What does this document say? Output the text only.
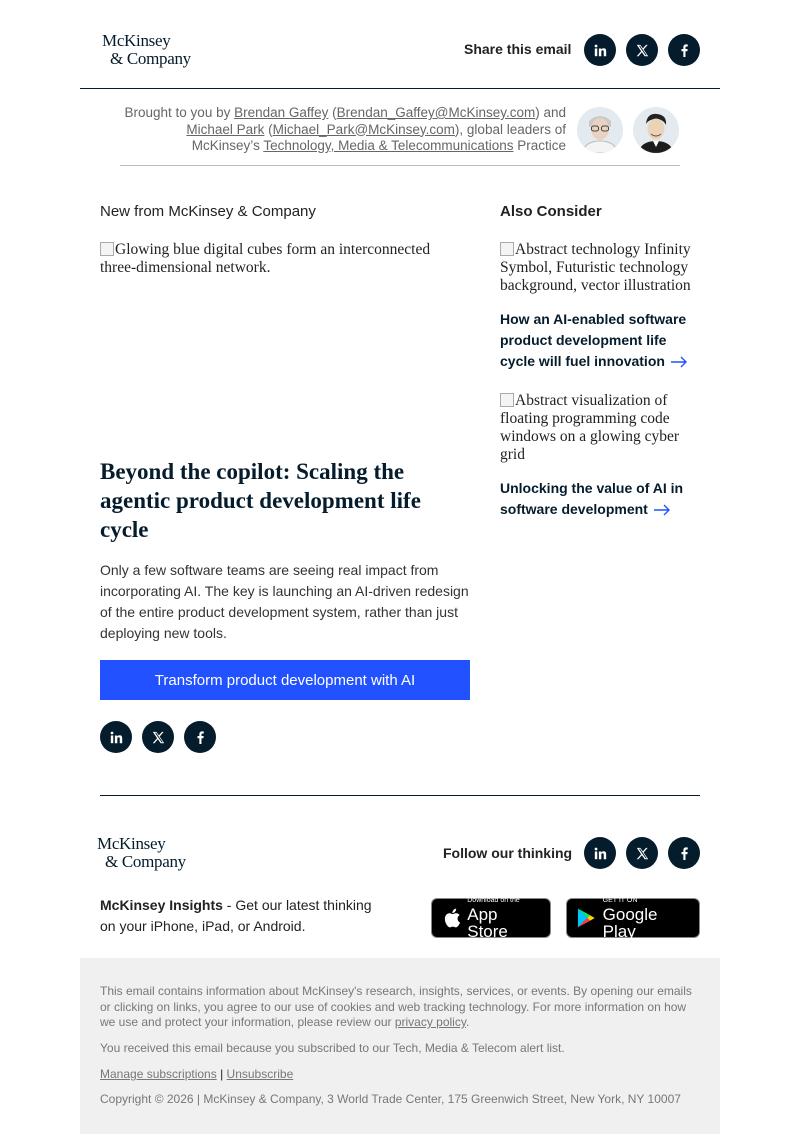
McKinsey
& Company	Share this email
Brought to you by Brendan Gaffey (Brendan_Gaffey@McKinsey.com) and Michael Park (Michael_Park@McKinsey.com), global leaders of McKinsey’s Technology, Media & Telecommunications Practice
New from McKinsey & Company
Glowing blue digital cubes form an interconnected three-dimensional network.
Beyond the copilot: Scaling the agentic product development life cycle
Only a few software teams are seeing real impact from incorporating AI. The key is launching an AI-driven redesign of the entire product development system, rather than just deploying new tools.
Transform product development with AI
Also Consider
Abstract technology Infinity Symbol, Futuristic technology background, vector illustration
How an AI-enabled software product development life cycle will fuel innovation
Abstract visualization of floating programming code windows on a glowing cyber grid
Unlocking the value of AI in software development
McKinsey
& Company	Follow our thinking
McKinsey Insights - Get our latest thinking on your iPhone, iPad, or Android.
Download on the
App Store
GET IT ON
Google Play

This email contains information about McKinsey's research, insights, services, or events. By opening our emails or clicking on links, you agree to our use of cookies and web tracking technology. For more information on how we use and protect your information, please review our privacy policy.

You received this email because you subscribed to our Tech, Media & Telecom alert list.

Manage subscriptions | Unsubscribe

Copyright © 2026 | McKinsey & Company, 3 World Trade Center, 175 Greenwich Street, New York, NY 10007
